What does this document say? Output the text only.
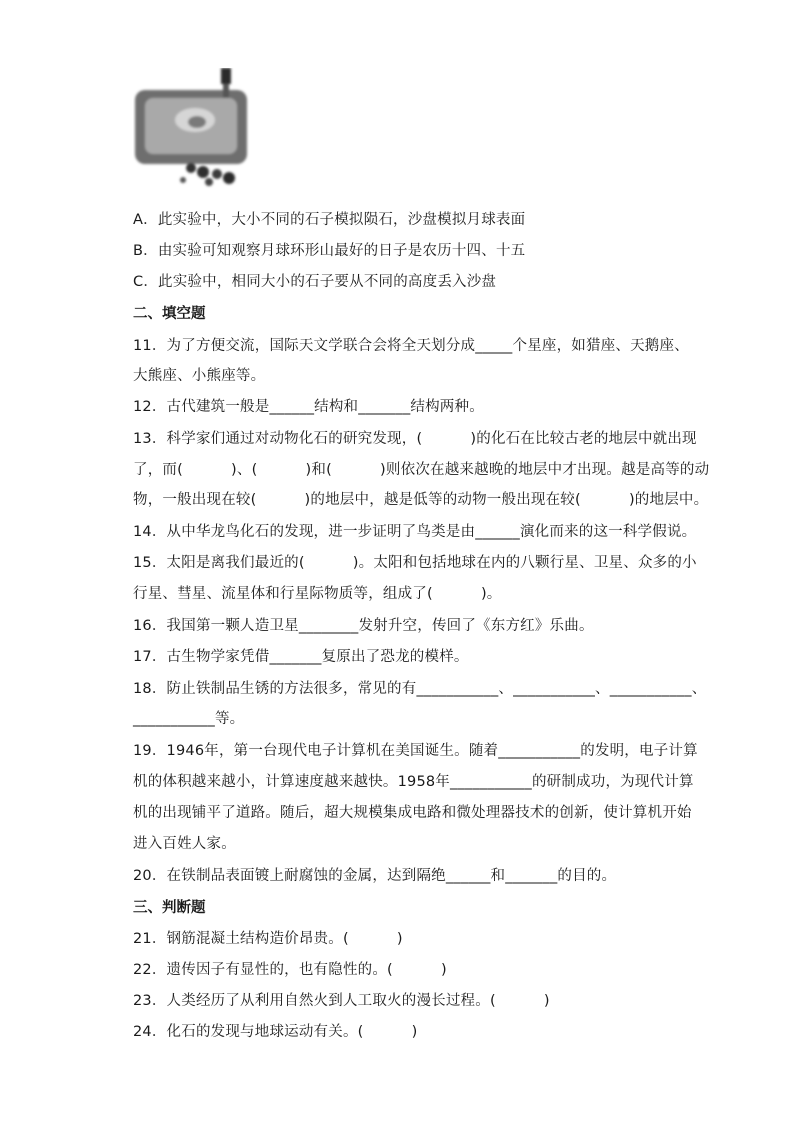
A．此实验中，大小不同的石子模拟陨石，沙盘模拟月球表面
B．由实验可知观察月球环形山最好的日子是农历十四、十五
C．此实验中，相同大小的石子要从不同的高度丢入沙盘
二、填空题
11．为了方便交流，国际天文学联合会将全天划分成_____个星座，如猎座、天鹅座、
大熊座、小熊座等。
12．古代建筑一般是______结构和_______结构两种。
13．科学家们通过对动物化石的研究发现，(          )的化石在比较古老的地层中就出现
了，而(          )、(          )和(          )则依次在越来越晚的地层中才出现。越是高等的动
物，一般出现在较(          )的地层中，越是低等的动物一般出现在较(          )的地层中。
14．从中华龙鸟化石的发现，进一步证明了鸟类是由______演化而来的这一科学假说。
15．太阳是离我们最近的(          )。太阳和包括地球在内的八颗行星、卫星、众多的小
行星、彗星、流星体和行星际物质等，组成了(          )。
16．我国第一颗人造卫星________发射升空，传回了《东方红》乐曲。
17．古生物学家凭借_______复原出了恐龙的模样。
18．防止铁制品生锈的方法很多，常见的有___________、___________、___________、
___________等。
19．1946年，第一台现代电子计算机在美国诞生。随着___________的发明，电子计算
机的体积越来越小，计算速度越来越快。1958年___________的研制成功，为现代计算
机的出现铺平了道路。随后，超大规模集成电路和微处理器技术的创新，使计算机开始
进入百姓人家。
20．在铁制品表面镀上耐腐蚀的金属，达到隔绝______和_______的目的。
三、判断题
21．钢筋混凝土结构造价昂贵。(          )
22．遗传因子有显性的，也有隐性的。(          )
23．人类经历了从利用自然火到人工取火的漫长过程。(          )
24．化石的发现与地球运动有关。(          )
